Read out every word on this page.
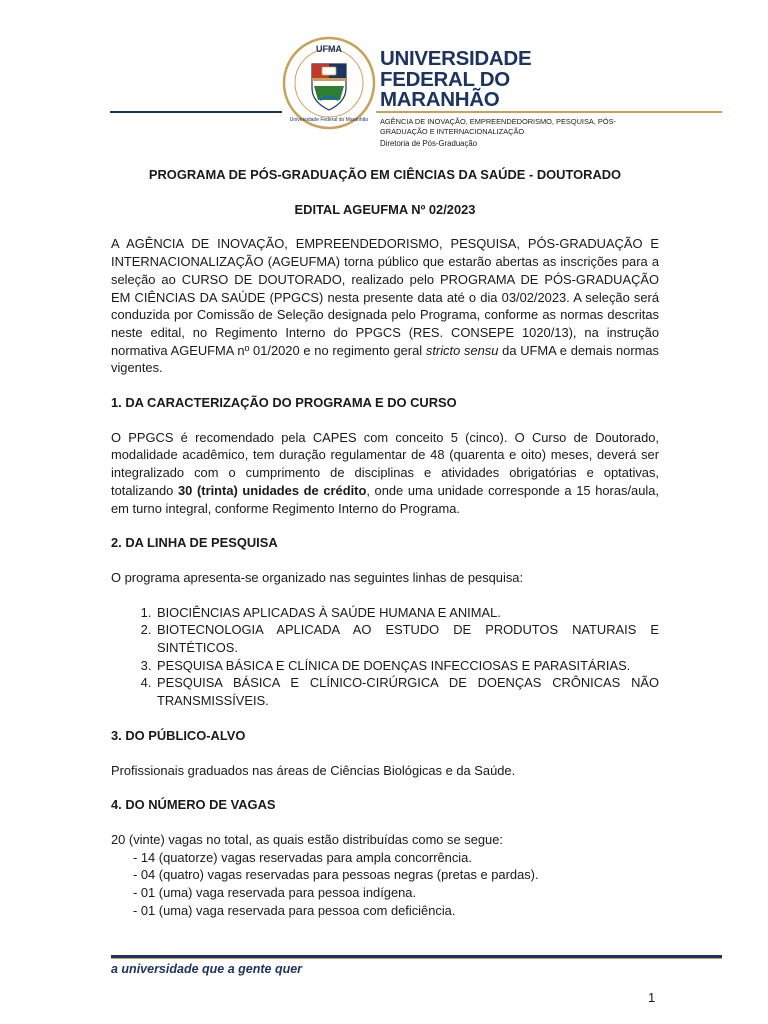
UFMA
Universidade Federal do Maranhão
UNIVERSIDADE
FEDERAL DO
MARANHÃO
AGÊNCIA DE INOVAÇÃO, EMPREENDEDORISMO, PESQUISA, PÓS-
GRADUAÇÃO E INTERNACIONALIZAÇÃO
Diretoria de Pós-Graduação

PROGRAMA DE PÓS-GRADUAÇÃO EM CIÊNCIAS DA SAÚDE - DOUTORADO

EDITAL AGEUFMA Nº 02/2023

A AGÊNCIA DE INOVAÇÃO, EMPREENDEDORISMO, PESQUISA, PÓS-GRADUAÇÃO E INTERNACIONALIZAÇÃO (AGEUFMA) torna público que estarão abertas as inscrições para a seleção ao CURSO DE DOUTORADO, realizado pelo PROGRAMA DE PÓS-GRADUAÇÃO EM CIÊNCIAS DA SAÚDE (PPGCS) nesta presente data até o dia 03/02/2023. A seleção será conduzida por Comissão de Seleção designada pelo Programa, conforme as normas descritas neste edital, no Regimento Interno do PPGCS (RES. CONSEPE 1020/13), na instrução normativa AGEUFMA nº 01/2020 e no regimento geral stricto sensu da UFMA e demais normas vigentes.

1. DA CARACTERIZAÇÃO DO PROGRAMA E DO CURSO

O PPGCS é recomendado pela CAPES com conceito 5 (cinco). O Curso de Doutorado, modalidade acadêmico, tem duração regulamentar de 48 (quarenta e oito) meses, deverá ser integralizado com o cumprimento de disciplinas e atividades obrigatórias e optativas, totalizando 30 (trinta) unidades de crédito, onde uma unidade corresponde a 15 horas/aula, em turno integral, conforme Regimento Interno do Programa.

2. DA LINHA DE PESQUISA

O programa apresenta-se organizado nas seguintes linhas de pesquisa:

1. BIOCIÊNCIAS APLICADAS À SAÚDE HUMANA E ANIMAL.
2. BIOTECNOLOGIA APLICADA AO ESTUDO DE PRODUTOS NATURAIS E SINTÉTICOS.
3. PESQUISA BÁSICA E CLÍNICA DE DOENÇAS INFECCIOSAS E PARASITÁRIAS.
4. PESQUISA BÁSICA E CLÍNICO-CIRÚRGICA DE DOENÇAS CRÔNICAS NÃO TRANSMISSÍVEIS.

3. DO PÚBLICO-ALVO

Profissionais graduados nas áreas de Ciências Biológicas e da Saúde.

4. DO NÚMERO DE VAGAS

20 (vinte) vagas no total, as quais estão distribuídas como se segue:

- 14 (quatorze) vagas reservadas para ampla concorrência.
- 04 (quatro) vagas reservadas para pessoas negras (pretas e pardas).
- 01 (uma) vaga reservada para pessoa indígena.
- 01 (uma) vaga reservada para pessoa com deficiência.
a universidade que a gente quer
1
